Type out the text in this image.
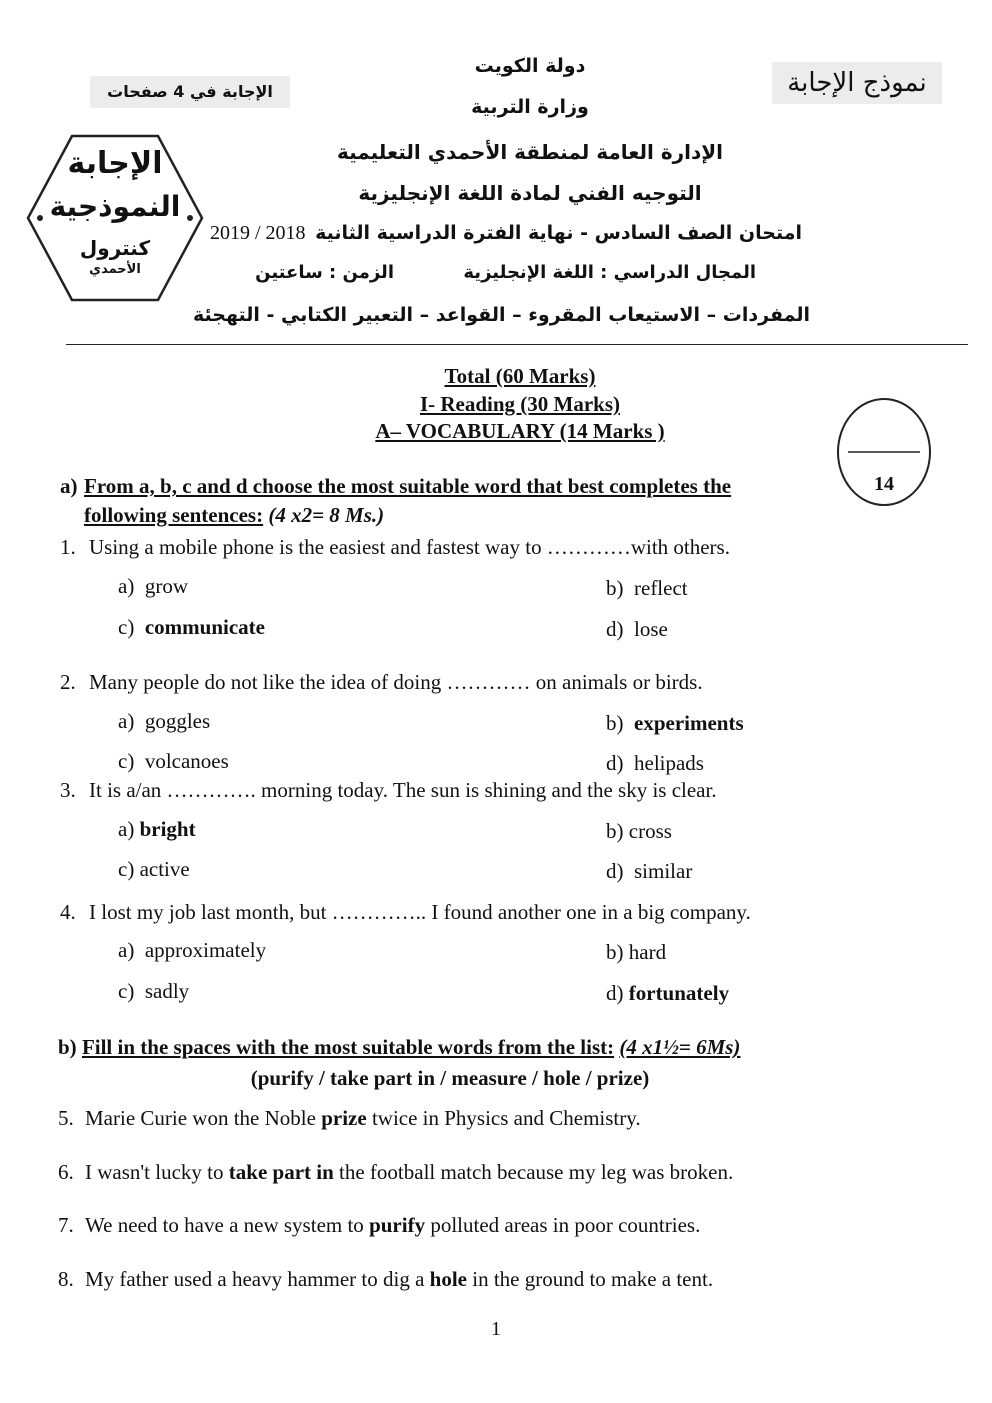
نموذج الإجابة
الإجابة في 4 صفحات
دولة الكويت
وزارة التربية
الإدارة العامة لمنطقة الأحمدي التعليمية
التوجيه الفني لمادة اللغة الإنجليزية
امتحان الصف السادس - نهاية الفترة الدراسية الثانية
2019 / 2018
المجال الدراسي : اللغة الإنجليزية
الزمن : ساعتين
المفردات – الاستيعاب المقروء – القواعد – التعبير الكتابي - التهجئة
الإجابة
النموذجية
كنترول
الأحمدي
Total (60 Marks)
I- Reading (30 Marks)
A– VOCABULARY (14 Marks )
14
a) From a, b, c and d choose the most suitable word that best completes the
following sentences: (4 x2= 8 Ms.)
1. Using a mobile phone is the easiest and fastest way to …………with others.
a) grow	b) reflect
c) communicate	d) lose
2. Many people do not like the idea of doing ………… on animals or birds.
a) goggles	b) experiments
c) volcanoes	d) helipads
3. It is a/an …………. morning today. The sun is shining and the sky is clear.
a) bright	b) cross
c) active	d) similar
4. I lost my job last month, but ………….. I found another one in a big company.
a) approximately	b) hard
c) sadly	d) fortunately
b) Fill in the spaces with the most suitable words from the list: (4 x1½= 6Ms)
(purify / take part in / measure / hole / prize)
5. Marie Curie won the Noble prize twice in Physics and Chemistry.
6. I wasn't lucky to take part in the football match because my leg was broken.
7. We need to have a new system to purify polluted areas in poor countries.
8. My father used a heavy hammer to dig a hole in the ground to make a tent.
1
